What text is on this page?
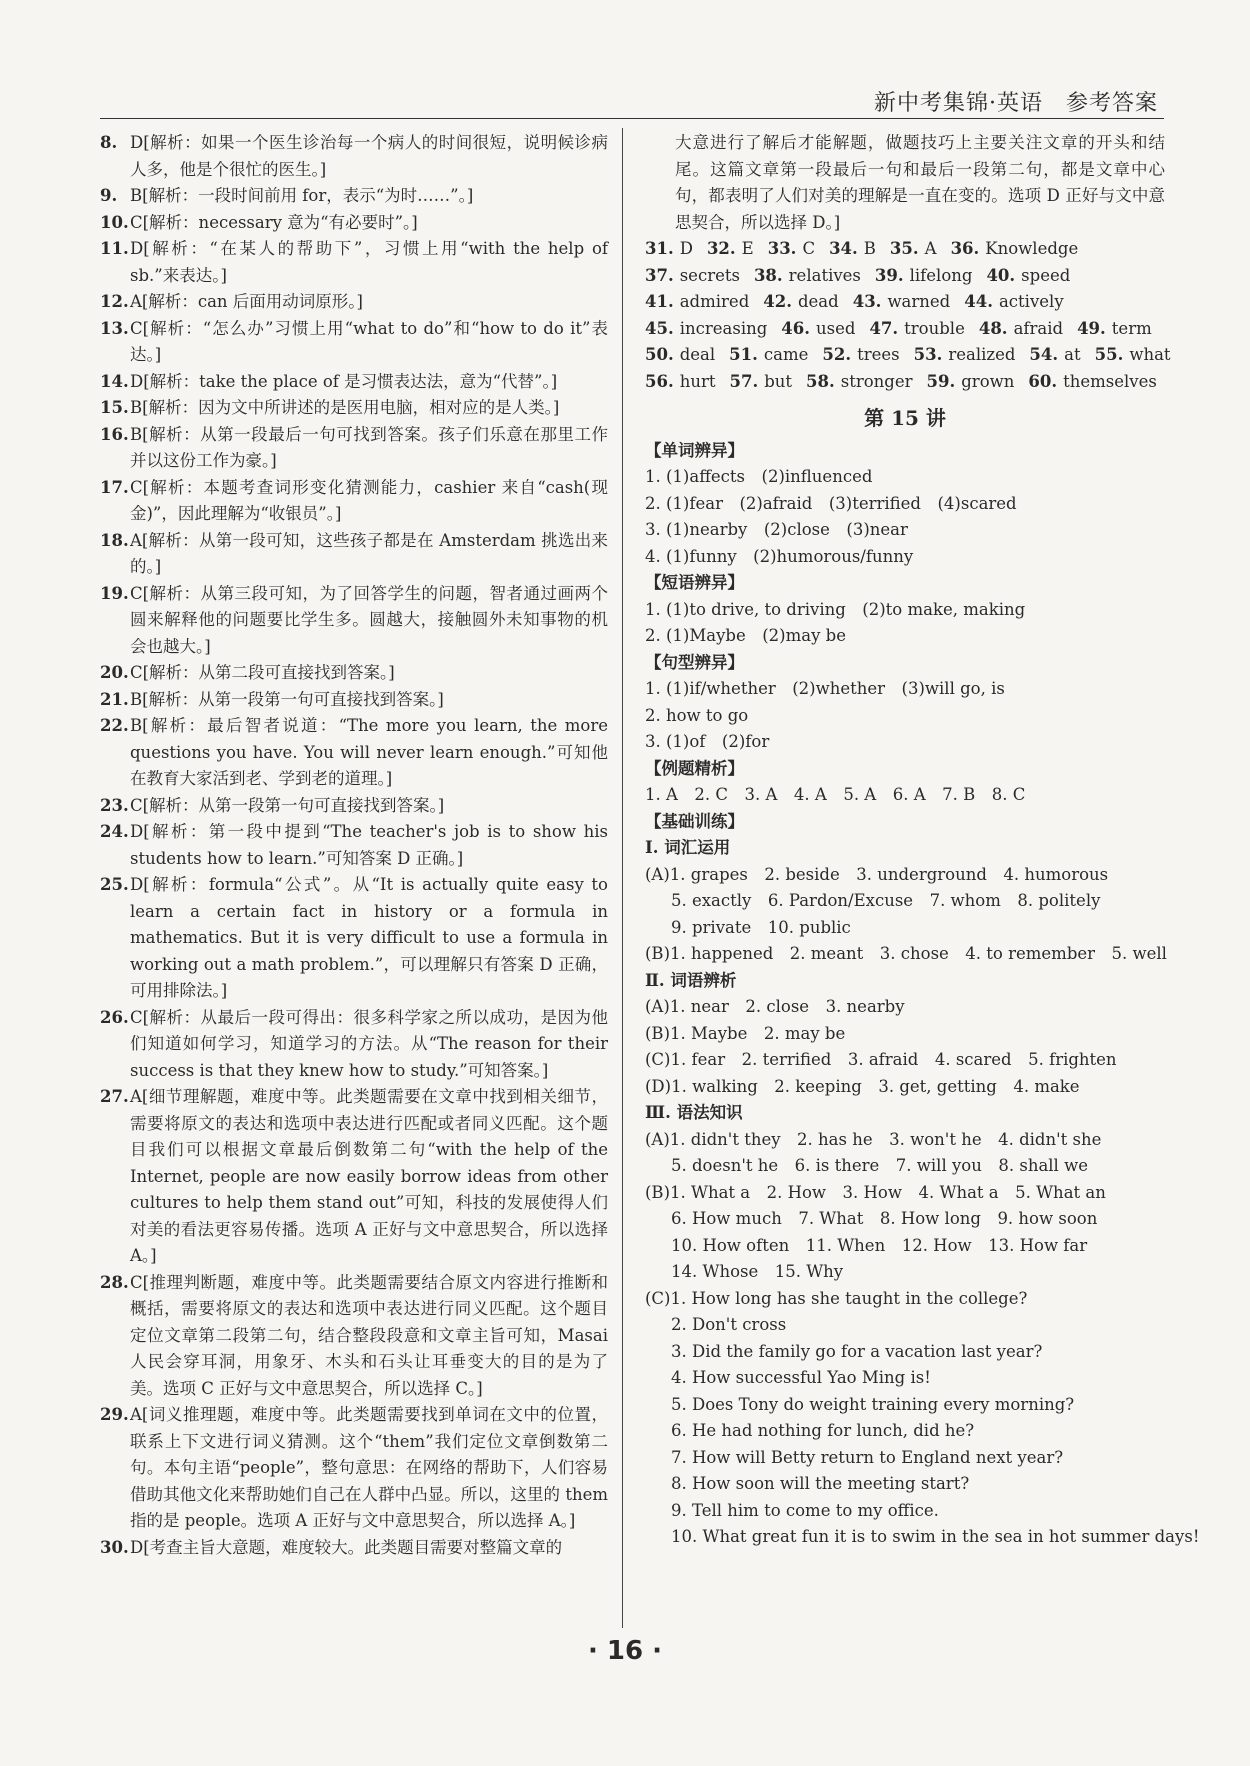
新中考集锦·英语　参考答案
8. D[解析：如果一个医生诊治每一个病人的时间很短，说明候诊病人多，他是个很忙的医生。]
9. B[解析：一段时间前用 for，表示“为时……”。]
10. C[解析：necessary 意为“有必要时”。]
11. D[解析：“在某人的帮助下”，习惯上用“with the help of sb.”来表达。]
12. A[解析：can 后面用动词原形。]
13. C[解析：“怎么办”习惯上用“what to do”和“how to do it”表达。]
14. D[解析：take the place of 是习惯表达法，意为“代替”。]
15. B[解析：因为文中所讲述的是医用电脑，相对应的是人类。]
16. B[解析：从第一段最后一句可找到答案。孩子们乐意在那里工作并以这份工作为豪。]
17. C[解析：本题考查词形变化猜测能力，cashier 来自“cash(现金)”，因此理解为“收银员”。]
18. A[解析：从第一段可知，这些孩子都是在 Amsterdam 挑选出来的。]
19. C[解析：从第三段可知，为了回答学生的问题，智者通过画两个圆来解释他的问题要比学生多。圆越大，接触圆外未知事物的机会也越大。]
20. C[解析：从第二段可直接找到答案。]
21. B[解析：从第一段第一句可直接找到答案。]
22. B[解析：最后智者说道：“The more you learn, the more questions you have. You will never learn enough.”可知他在教育大家活到老、学到老的道理。]
23. C[解析：从第一段第一句可直接找到答案。]
24. D[解析：第一段中提到“The teacher's job is to show his students how to learn.”可知答案 D 正确。]
25. D[解析：formula“公式”。从“It is actually quite easy to learn a certain fact in history or a formula in mathematics. But it is very difficult to use a formula in working out a math problem.”，可以理解只有答案 D 正确，可用排除法。]
26. C[解析：从最后一段可得出：很多科学家之所以成功，是因为他们知道如何学习，知道学习的方法。从“The reason for their success is that they knew how to study.”可知答案。]
27. A[细节理解题，难度中等。此类题需要在文章中找到相关细节，需要将原文的表达和选项中表达进行匹配或者同义匹配。这个题目我们可以根据文章最后倒数第二句“with the help of the Internet, people are now easily borrow ideas from other cultures to help them stand out”可知，科技的发展使得人们对美的看法更容易传播。选项 A 正好与文中意思契合，所以选择 A。]
28. C[推理判断题，难度中等。此类题需要结合原文内容进行推断和概括，需要将原文的表达和选项中表达进行同义匹配。这个题目定位文章第二段第二句，结合整段段意和文章主旨可知，Masai 人民会穿耳洞，用象牙、木头和石头让耳垂变大的目的是为了美。选项 C 正好与文中意思契合，所以选择 C。]
29. A[词义推理题，难度中等。此类题需要找到单词在文中的位置，联系上下文进行词义猜测。这个“them”我们定位文章倒数第二句。本句主语“people”，整句意思：在网络的帮助下，人们容易借助其他文化来帮助她们自己在人群中凸显。所以，这里的 them 指的是 people。选项 A 正好与文中意思契合，所以选择 A。]
30. D[考查主旨大意题，难度较大。此类题目需要对整篇文章的
大意进行了解后才能解题，做题技巧上主要关注文章的开头和结尾。这篇文章第一段最后一句和最后一段第二句，都是文章中心句，都表明了人们对美的理解是一直在变的。选项 D 正好与文中意思契合，所以选择 D。]
31. D 32. E 33. C 34. B 35. A 36. Knowledge
37. secrets 38. relatives 39. lifelong 40. speed
41. admired 42. dead 43. warned 44. actively
45. increasing 46. used 47. trouble 48. afraid 49. term
50. deal 51. came 52. trees 53. realized 54. at 55. what
56. hurt 57. but 58. stronger 59. grown 60. themselves
第 15 讲
【单词辨异】
1. (1)affects　(2)influenced
2. (1)fear　(2)afraid　(3)terrified　(4)scared
3. (1)nearby　(2)close　(3)near
4. (1)funny　(2)humorous/funny
【短语辨异】
1. (1)to drive, to driving　(2)to make, making
2. (1)Maybe　(2)may be
【句型辨异】
1. (1)if/whether　(2)whether　(3)will go, is
2. how to go
3. (1)of　(2)for
【例题精析】
1. A　2. C　3. A　4. A　5. A　6. A　7. B　8. C
【基础训练】
Ⅰ. 词汇运用
(A)1. grapes　2. beside　3. underground　4. humorous
5. exactly　6. Pardon/Excuse　7. whom　8. politely
9. private　10. public
(B)1. happened　2. meant　3. chose　4. to remember　5. well
Ⅱ. 词语辨析
(A)1. near　2. close　3. nearby
(B)1. Maybe　2. may be
(C)1. fear　2. terrified　3. afraid　4. scared　5. frighten
(D)1. walking　2. keeping　3. get, getting　4. make
Ⅲ. 语法知识
(A)1. didn't they　2. has he　3. won't he　4. didn't she
5. doesn't he　6. is there　7. will you　8. shall we
(B)1. What a　2. How　3. How　4. What a　5. What an
6. How much　7. What　8. How long　9. how soon
10. How often　11. When　12. How　13. How far
14. Whose　15. Why
(C)1. How long has she taught in the college?
2. Don't cross
3. Did the family go for a vacation last year?
4. How successful Yao Ming is!
5. Does Tony do weight training every morning?
6. He had nothing for lunch, did he?
7. How will Betty return to England next year?
8. How soon will the meeting start?
9. Tell him to come to my office.
10. What great fun it is to swim in the sea in hot summer days!
· 16 ·
